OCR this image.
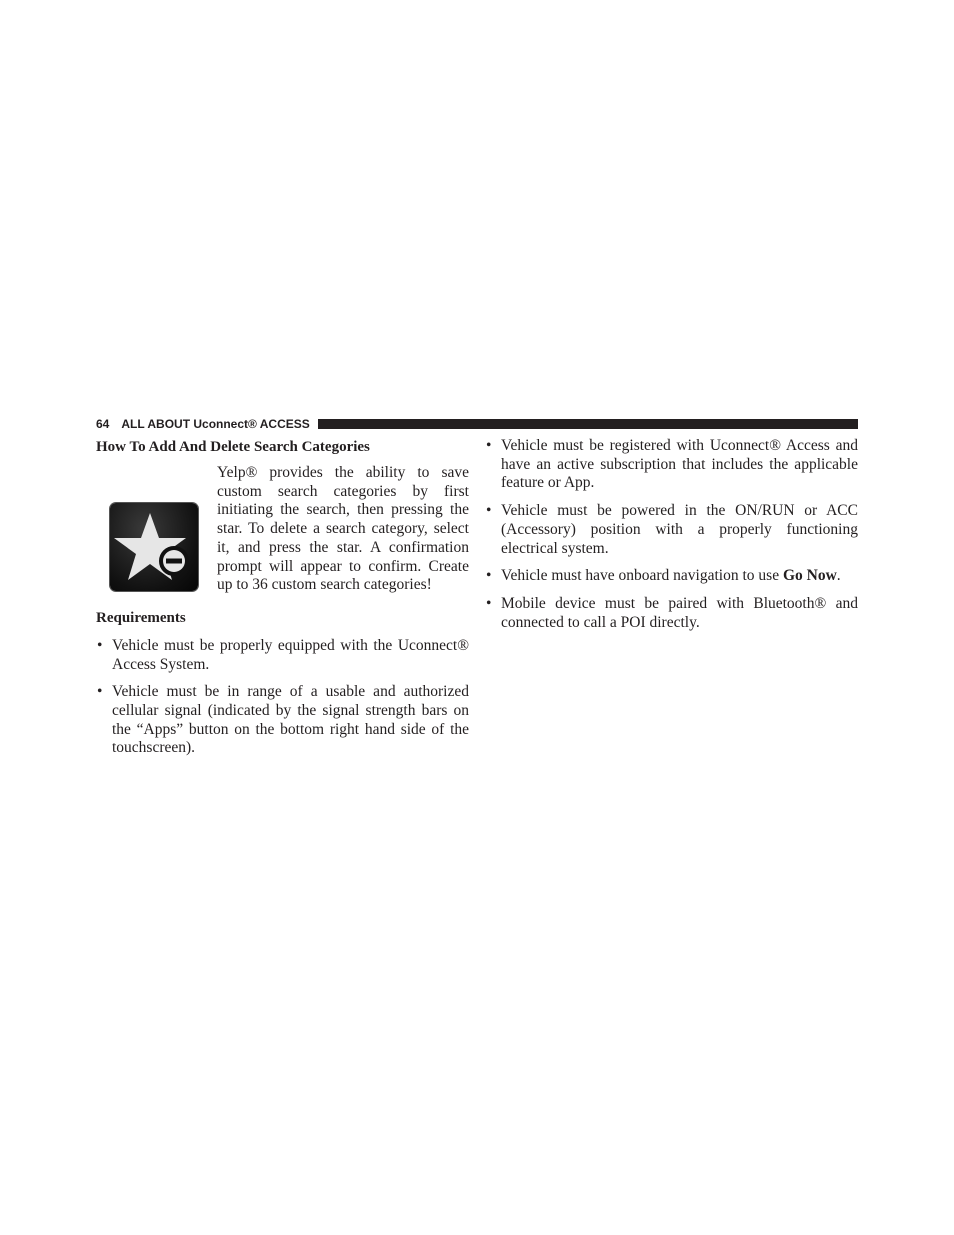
64 ALL ABOUT Uconnect® ACCESS
How To Add And Delete Search Categories

Yelp® provides the ability to save custom search categories by first initiating the search, then pressing the star. To delete a search category, select it, and press the star. A confirmation prompt will appear to confirm. Create up to 36 custom search categories!

Requirements
• Vehicle must be properly equipped with the Uconnect® Access System.
• Vehicle must be in range of a usable and authorized cellular signal (indicated by the signal strength bars on the “Apps” button on the bottom right hand side of the touchscreen).
• Vehicle must be registered with Uconnect® Access and have an active subscription that includes the applicable feature or App.
• Vehicle must be powered in the ON/RUN or ACC (Accessory) position with a properly functioning electrical system.
• Vehicle must have onboard navigation to use Go Now.
• Mobile device must be paired with Bluetooth® and connected to call a POI directly.
